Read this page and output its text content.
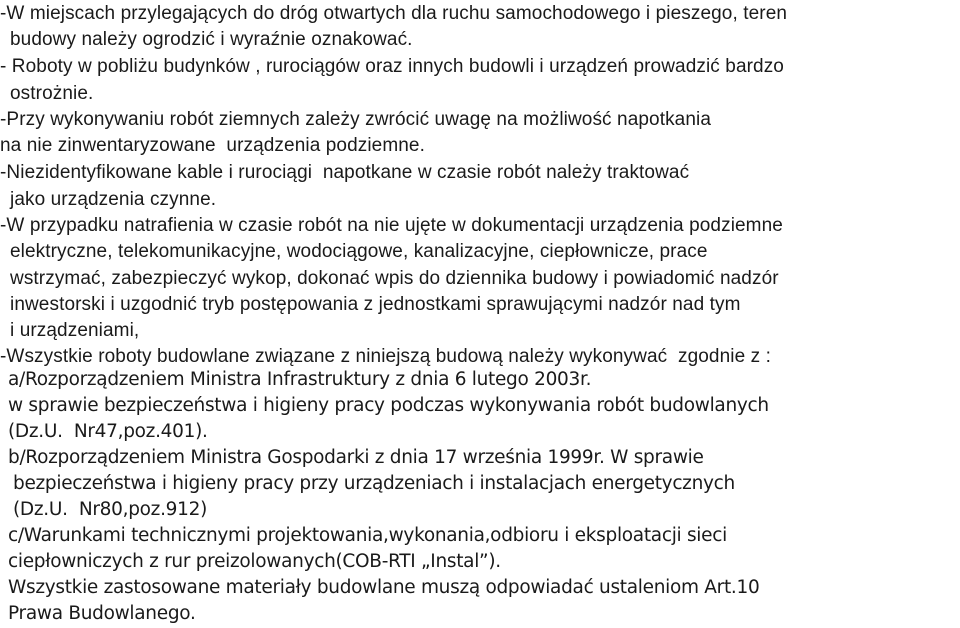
-W miejscach przylegających do dróg otwartych dla ruchu samochodowego i pieszego, teren
budowy należy ogrodzić i wyraźnie oznakować.
- Roboty w pobliżu budynków , rurociągów oraz innych budowli i urządzeń prowadzić bardzo
ostrożnie.
-Przy wykonywaniu robót ziemnych zależy zwrócić uwagę na możliwość napotkania
na nie zinwentaryzowane  urządzenia podziemne.
-Niezidentyfikowane kable i rurociągi  napotkane w czasie robót należy traktować
jako urządzenia czynne.
-W przypadku natrafienia w czasie robót na nie ujęte w dokumentacji urządzenia podziemne
elektryczne, telekomunikacyjne, wodociągowe, kanalizacyjne, ciepłownicze, prace
wstrzymać, zabezpieczyć wykop, dokonać wpis do dziennika budowy i powiadomić nadzór
inwestorski i uzgodnić tryb postępowania z jednostkami sprawującymi nadzór nad tym
i urządzeniami,
-Wszystkie roboty budowlane związane z niniejszą budową należy wykonywać  zgodnie z :
a/Rozporządzeniem Ministra Infrastruktury z dnia 6 lutego 2003r.
w sprawie bezpieczeństwa i higieny pracy podczas wykonywania robót budowlanych
(Dz.U.  Nr47,poz.401).
b/Rozporządzeniem Ministra Gospodarki z dnia 17 września 1999r. W sprawie
bezpieczeństwa i higieny pracy przy urządzeniach i instalacjach energetycznych
(Dz.U.  Nr80,poz.912)
c/Warunkami technicznymi projektowania,wykonania,odbioru i eksploatacji sieci
ciepłowniczych z rur preizolowanych(COB-RTI „Instal”).
Wszystkie zastosowane materiały budowlane muszą odpowiadać ustaleniom Art.10
Prawa Budowlanego.
